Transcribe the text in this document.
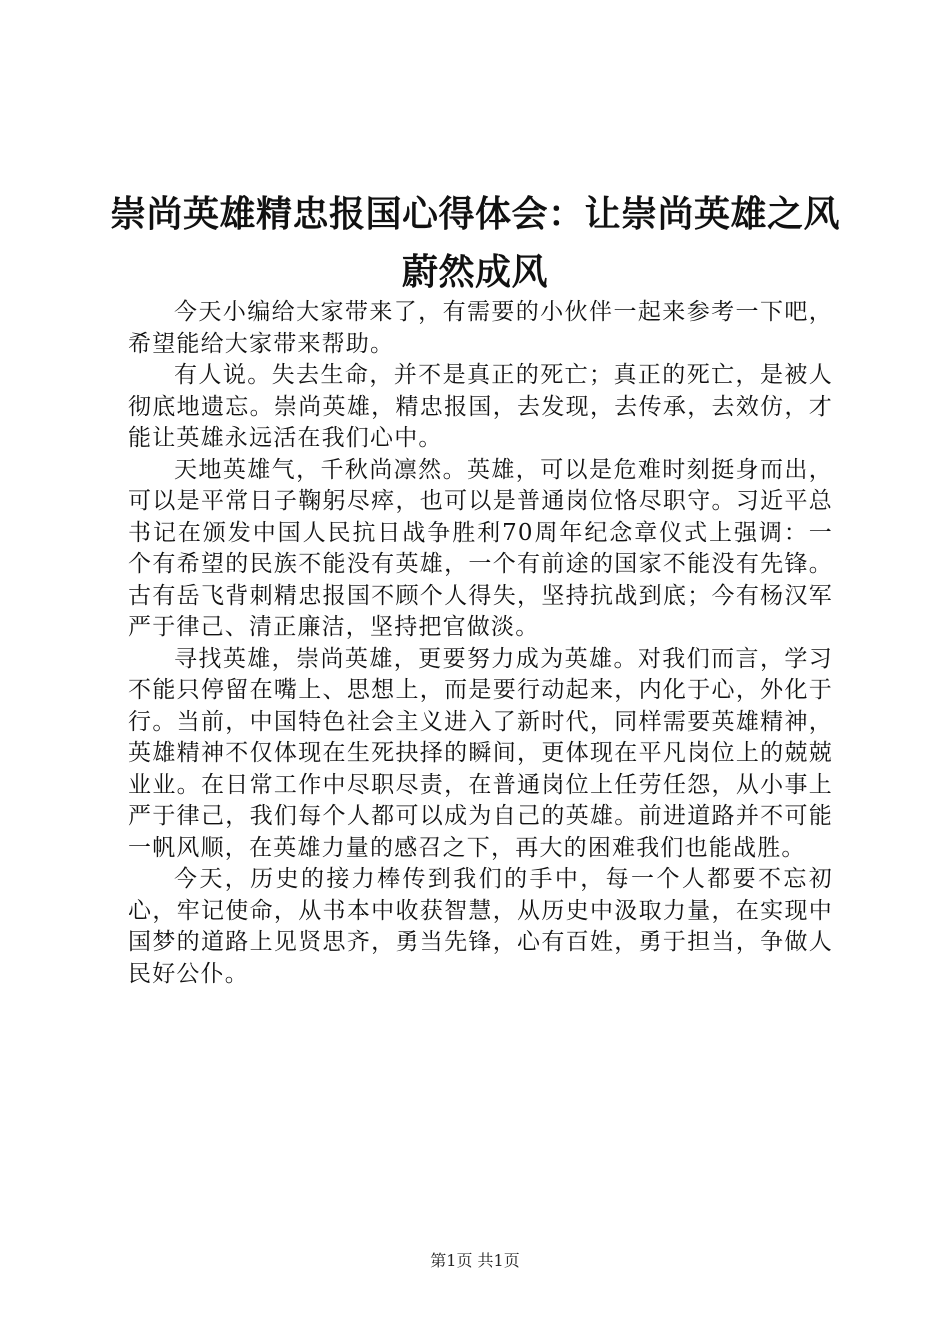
崇尚英雄精忠报国心得体会：让崇尚英雄之风蔚然成风

今天小编给大家带来了，有需要的小伙伴一起来参考一下吧，希望能给大家带来帮助。

有人说。失去生命，并不是真正的死亡；真正的死亡，是被人彻底地遗忘。崇尚英雄，精忠报国，去发现，去传承，去效仿，才能让英雄永远活在我们心中。

天地英雄气，千秋尚凛然。英雄，可以是危难时刻挺身而出，可以是平常日子鞠躬尽瘁，也可以是普通岗位恪尽职守。习近平总书记在颁发中国人民抗日战争胜利70周年纪念章仪式上强调：一个有希望的民族不能没有英雄，一个有前途的国家不能没有先锋。古有岳飞背刺精忠报国不顾个人得失，坚持抗战到底；今有杨汉军严于律己、清正廉洁，坚持把官做淡。

寻找英雄，崇尚英雄，更要努力成为英雄。对我们而言，学习不能只停留在嘴上、思想上，而是要行动起来，内化于心，外化于行。当前，中国特色社会主义进入了新时代，同样需要英雄精神，英雄精神不仅体现在生死抉择的瞬间，更体现在平凡岗位上的兢兢业业。在日常工作中尽职尽责，在普通岗位上任劳任怨，从小事上严于律己，我们每个人都可以成为自己的英雄。前进道路并不可能一帆风顺，在英雄力量的感召之下，再大的困难我们也能战胜。

今天，历史的接力棒传到我们的手中，每一个人都要不忘初心，牢记使命，从书本中收获智慧，从历史中汲取力量，在实现中国梦的道路上见贤思齐，勇当先锋，心有百姓，勇于担当，争做人民好公仆。

第1页 共1页
